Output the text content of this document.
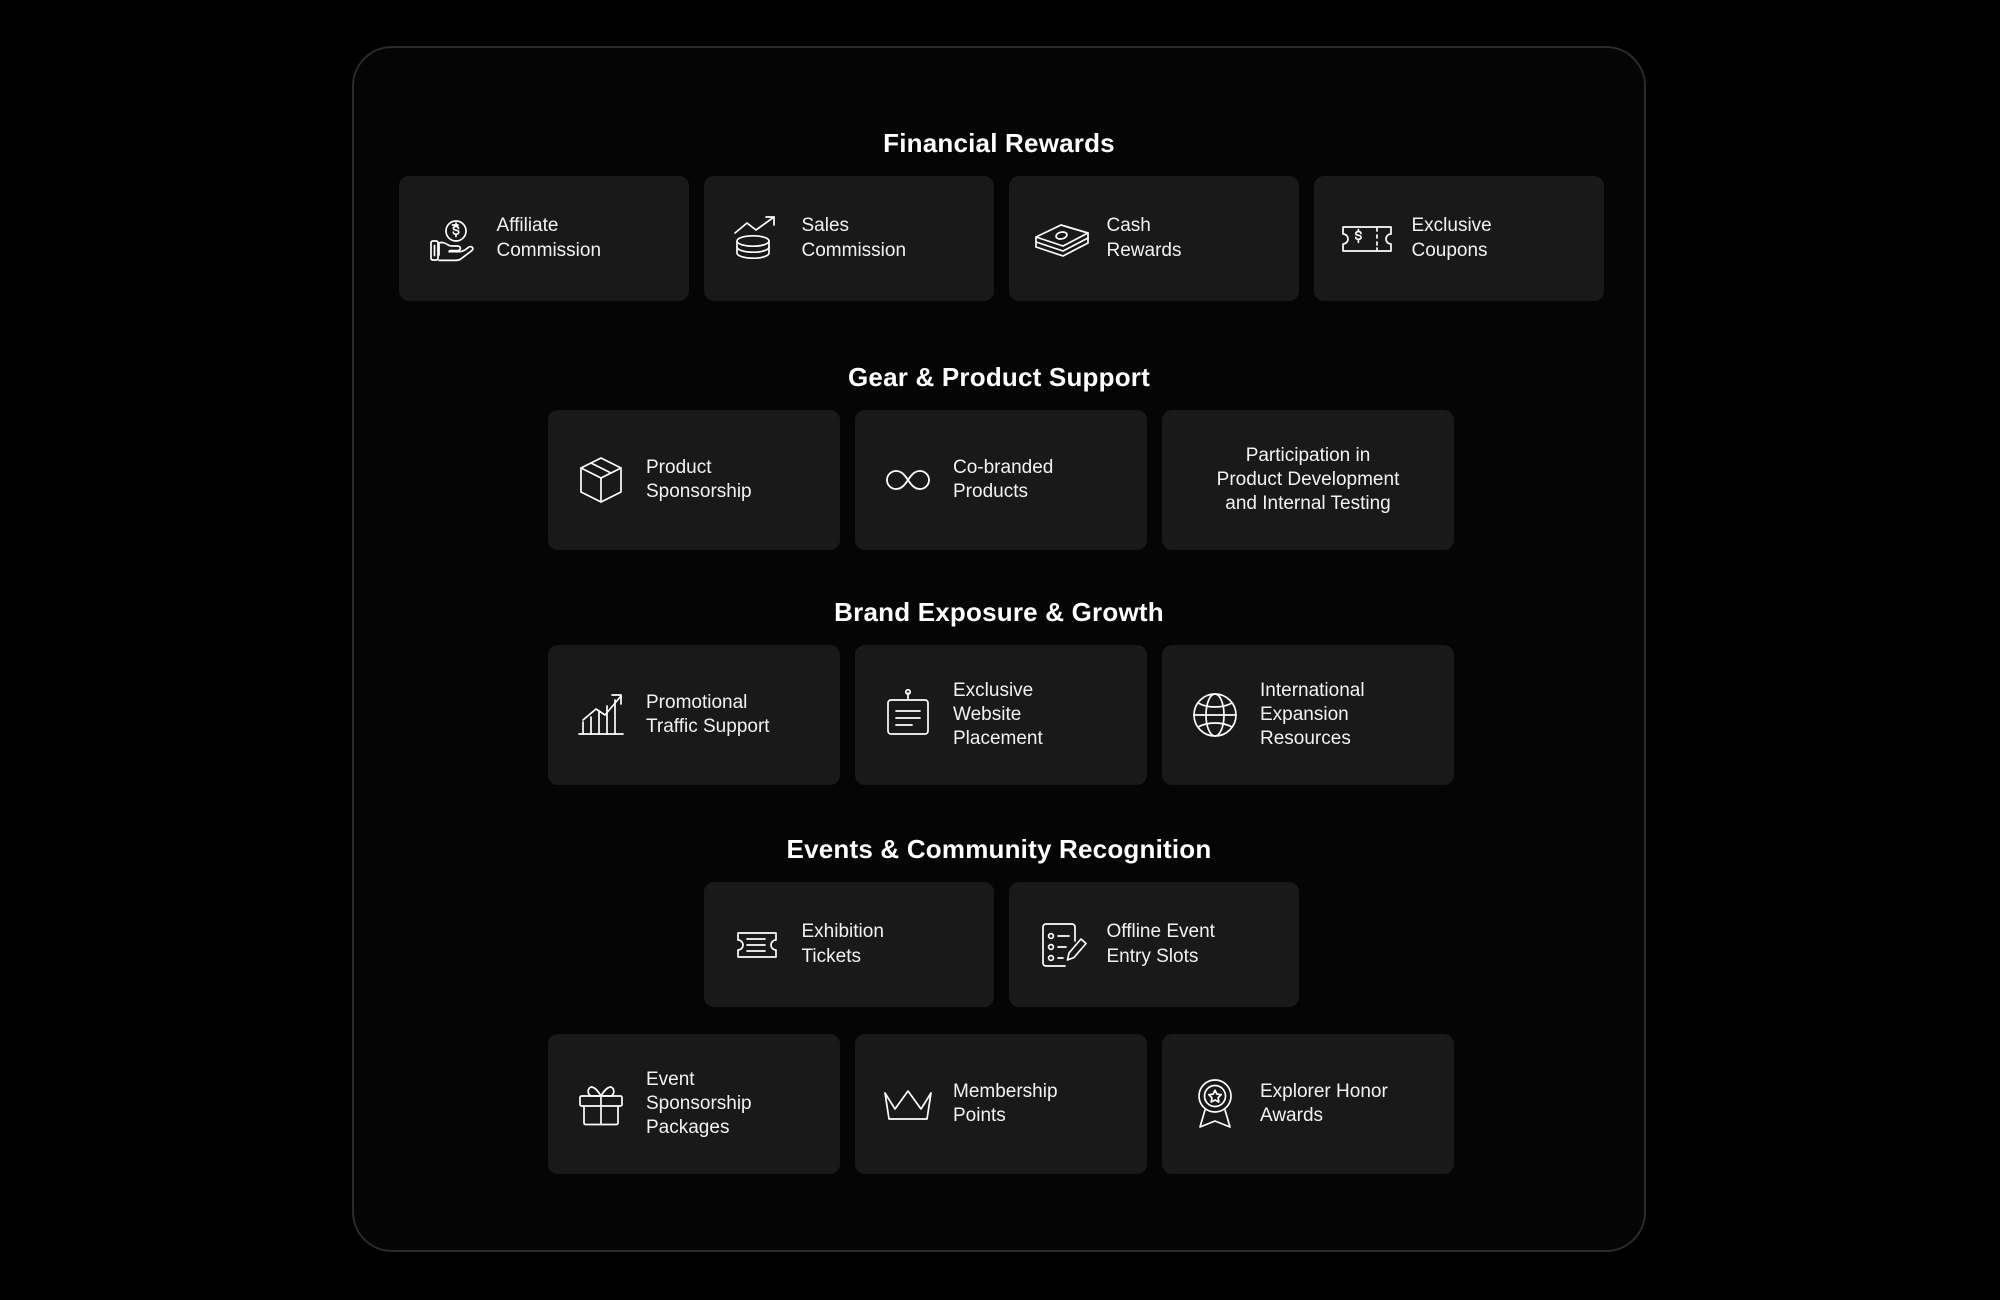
Financial Rewards
Affiliate
Commission
Sales
Commission
Cash
Rewards
Exclusive
Coupons
Gear & Product Support
Product
Sponsorship
Co-branded
Products
Participation in
Product Development
and Internal Testing
Brand Exposure & Growth
Promotional
Traffic Support
Exclusive
Website
Placement
International
Expansion
Resources
Events & Community Recognition
Exhibition
Tickets
Offline Event
Entry Slots
Event
Sponsorship
Packages
Membership
Points
Explorer Honor
Awards
